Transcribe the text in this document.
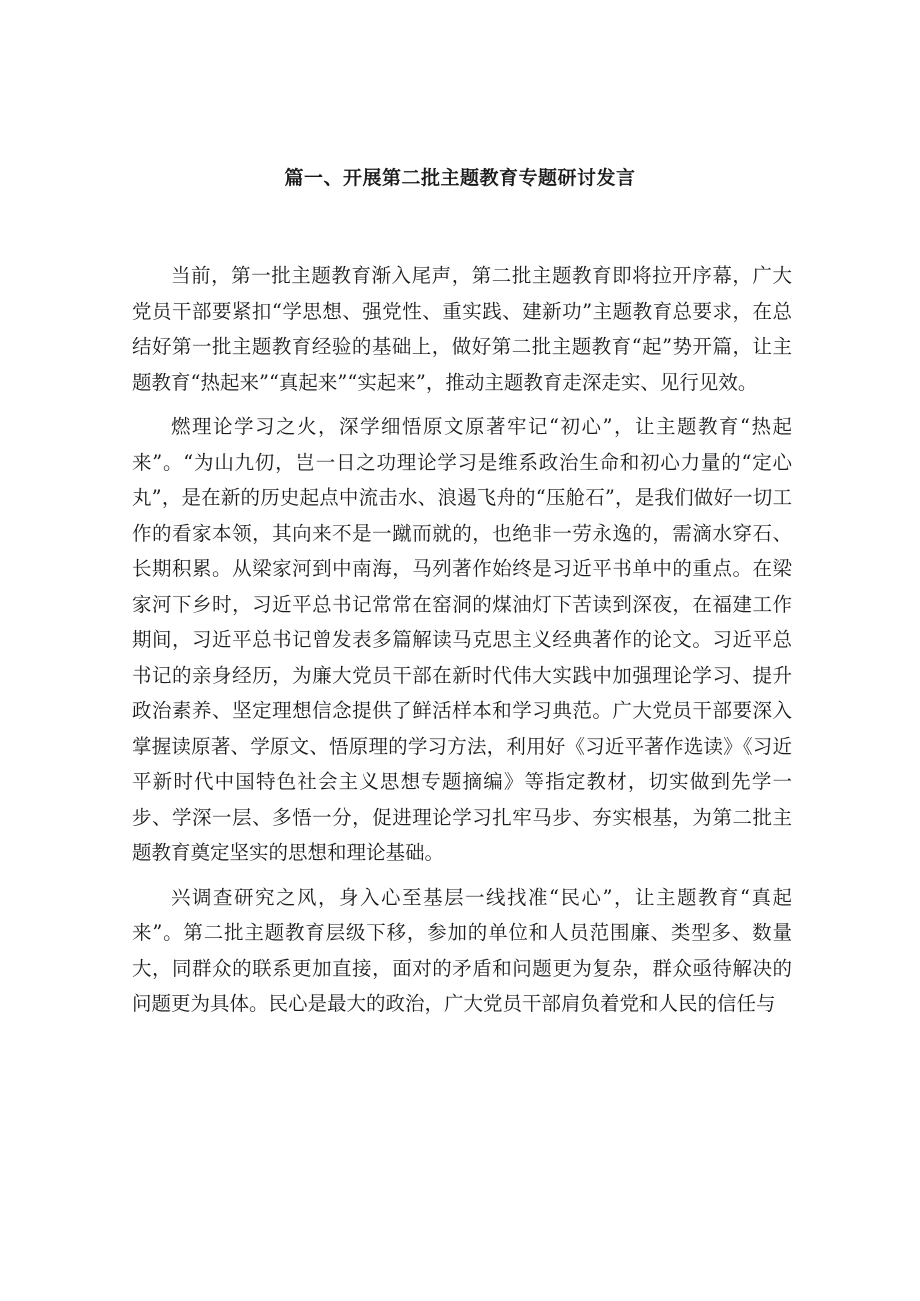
篇一、开展第二批主题教育专题研讨发言

当前，第一批主题教育渐入尾声，第二批主题教育即将拉开序幕，广大党员干部要紧扣“学思想、强党性、重实践、建新功”主题教育总要求，在总结好第一批主题教育经验的基础上，做好第二批主题教育“起”势开篇，让主题教育“热起来”“真起来”“实起来”，推动主题教育走深走实、见行见效。

燃理论学习之火，深学细悟原文原著牢记“初心”，让主题教育“热起来”。“为山九仞，岂一日之功理论学习是维系政治生命和初心力量的“定心丸”，是在新的历史起点中流击水、浪遏飞舟的“压舱石”，是我们做好一切工作的看家本领，其向来不是一蹴而就的，也绝非一劳永逸的，需滴水穿石、长期积累。从梁家河到中南海，马列著作始终是习近平书单中的重点。在梁家河下乡时，习近平总书记常常在窑洞的煤油灯下苦读到深夜，在福建工作期间，习近平总书记曾发表多篇解读马克思主义经典著作的论文。习近平总书记的亲身经历，为廉大党员干部在新时代伟大实践中加强理论学习、提升政治素养、坚定理想信念提供了鲜活样本和学习典范。广大党员干部要深入掌握读原著、学原文、悟原理的学习方法，利用好《习近平著作选读》《习近平新时代中国特色社会主义思想专题摘编》等指定教材，切实做到先学一步、学深一层、多悟一分，促进理论学习扎牢马步、夯实根基，为第二批主题教育奠定坚实的思想和理论基础。

兴调查研究之风，身入心至基层一线找准“民心”，让主题教育“真起来”。第二批主题教育层级下移，参加的单位和人员范围廉、类型多、数量大，同群众的联系更加直接，面对的矛盾和问题更为复杂，群众亟待解决的问题更为具体。民心是最大的政治，广大党员干部肩负着党和人民的信任与
